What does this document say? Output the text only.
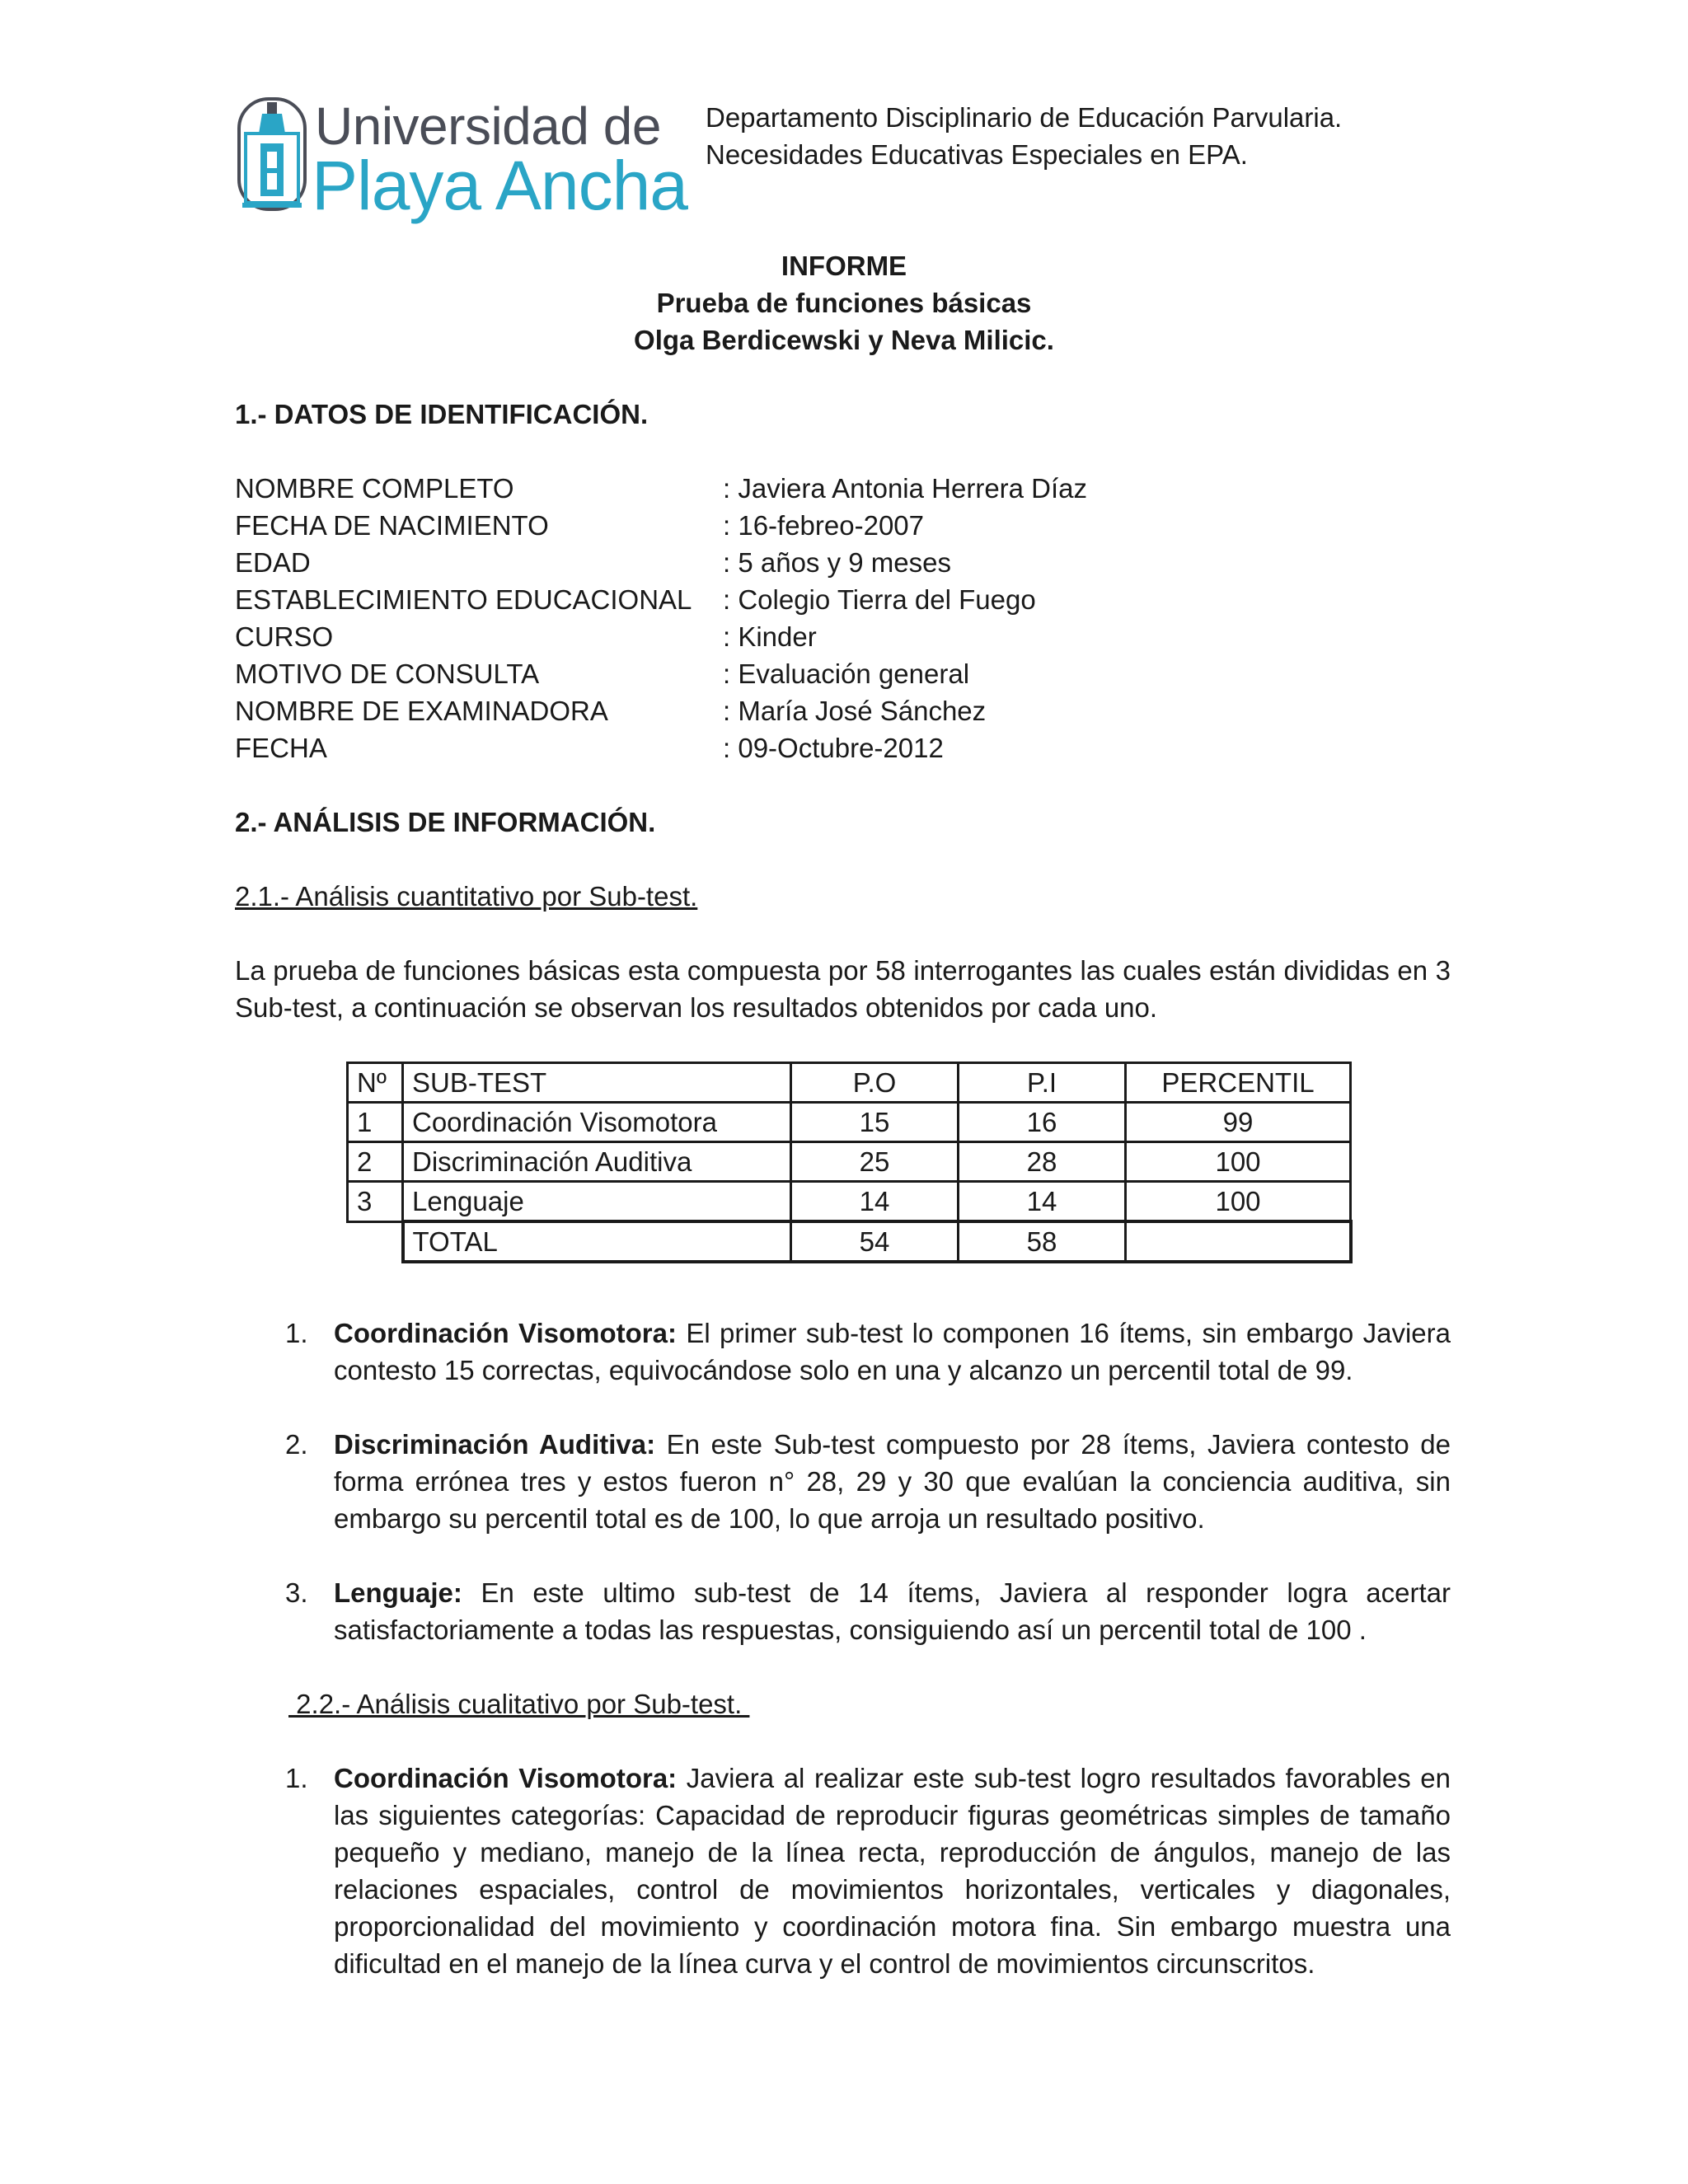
Universidad de
Playa Ancha
Departamento Disciplinario de Educación Parvularia.
Necesidades Educativas Especiales en EPA.
INFORME
Prueba de funciones básicas
Olga Berdicewski y Neva Milicic.
1.- DATOS DE IDENTIFICACIÓN.
NOMBRE COMPLETO	: Javiera Antonia Herrera Díaz
FECHA DE NACIMIENTO	: 16-febreo-2007
EDAD	: 5 años y 9 meses
ESTABLECIMIENTO EDUCACIONAL : Colegio Tierra del Fuego
CURSO	: Kinder
MOTIVO DE CONSULTA	: Evaluación general
NOMBRE DE EXAMINADORA	: María José Sánchez
FECHA	: 09-Octubre-2012
2.- ANÁLISIS DE INFORMACIÓN.
2.1.- Análisis cuantitativo por Sub-test.
La prueba de funciones básicas esta compuesta por 58 interrogantes las cuales están divididas en 3 Sub-test, a continuación se observan los resultados obtenidos por cada uno.
Nº	SUB-TEST	P.O	P.I	PERCENTIL
1	Coordinación Visomotora	15	16	99
2	Discriminación Auditiva	25	28	100
3	Lenguaje	14	14	100
	TOTAL	54	58	
1. Coordinación Visomotora: El primer sub-test lo componen 16 ítems, sin embargo Javiera contesto 15 correctas, equivocándose solo en una y alcanzo un percentil total de 99.
2. Discriminación Auditiva: En este Sub-test compuesto por 28 ítems, Javiera contesto de forma errónea tres y estos fueron n° 28, 29 y 30 que evalúan la conciencia auditiva, sin embargo su percentil total es de 100, lo que arroja un resultado positivo.
3. Lenguaje: En este ultimo sub-test de 14 ítems, Javiera al responder logra acertar satisfactoriamente a todas las respuestas, consiguiendo así un percentil total de 100 .
2.2.- Análisis cualitativo por Sub-test.
1. Coordinación Visomotora: Javiera al realizar este sub-test logro resultados favorables en las siguientes categorías: Capacidad de reproducir figuras geométricas simples de tamaño pequeño y mediano, manejo de la línea recta, reproducción de ángulos, manejo de las relaciones espaciales, control de movimientos horizontales, verticales y diagonales, proporcionalidad del movimiento y coordinación motora fina. Sin embargo muestra una dificultad en el manejo de la línea curva y el control de movimientos circunscritos.
